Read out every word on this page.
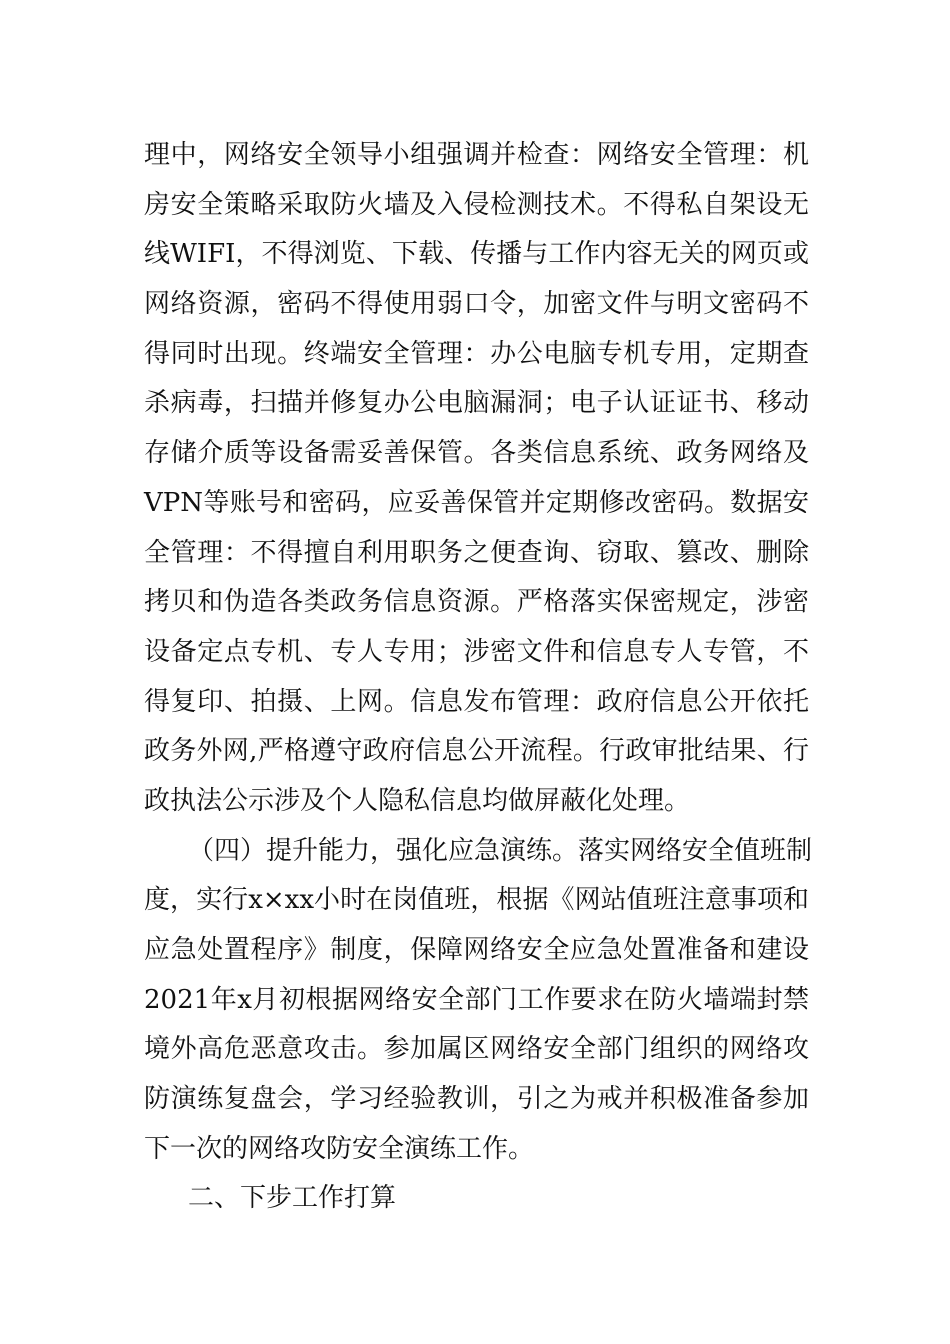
理中，网络安全领导小组强调并检查：网络安全管理：机
房安全策略采取防火墙及入侵检测技术。不得私自架设无
线WIFI，不得浏览、下载、传播与工作内容无关的网页或
网络资源，密码不得使用弱口令，加密文件与明文密码不
得同时出现。终端安全管理：办公电脑专机专用，定期查
杀病毒，扫描并修复办公电脑漏洞；电子认证证书、移动
存储介质等设备需妥善保管。各类信息系统、政务网络及
VPN等账号和密码，应妥善保管并定期修改密码。数据安
全管理：不得擅自利用职务之便查询、窃取、篡改、删除
拷贝和伪造各类政务信息资源。严格落实保密规定，涉密
设备定点专机、专人专用；涉密文件和信息专人专管，不
得复印、拍摄、上网。信息发布管理：政府信息公开依托
政务外网,严格遵守政府信息公开流程。行政审批结果、行
政执法公示涉及个人隐私信息均做屏蔽化处理。
（四）提升能力，强化应急演练。落实网络安全值班制
度，实行x×xx小时在岗值班，根据《网站值班注意事项和
应急处置程序》制度，保障网络安全应急处置准备和建设
2021年x月初根据网络安全部门工作要求在防火墙端封禁
境外高危恶意攻击。参加属区网络安全部门组织的网络攻
防演练复盘会，学习经验教训，引之为戒并积极准备参加
下一次的网络攻防安全演练工作。
二、下步工作打算
